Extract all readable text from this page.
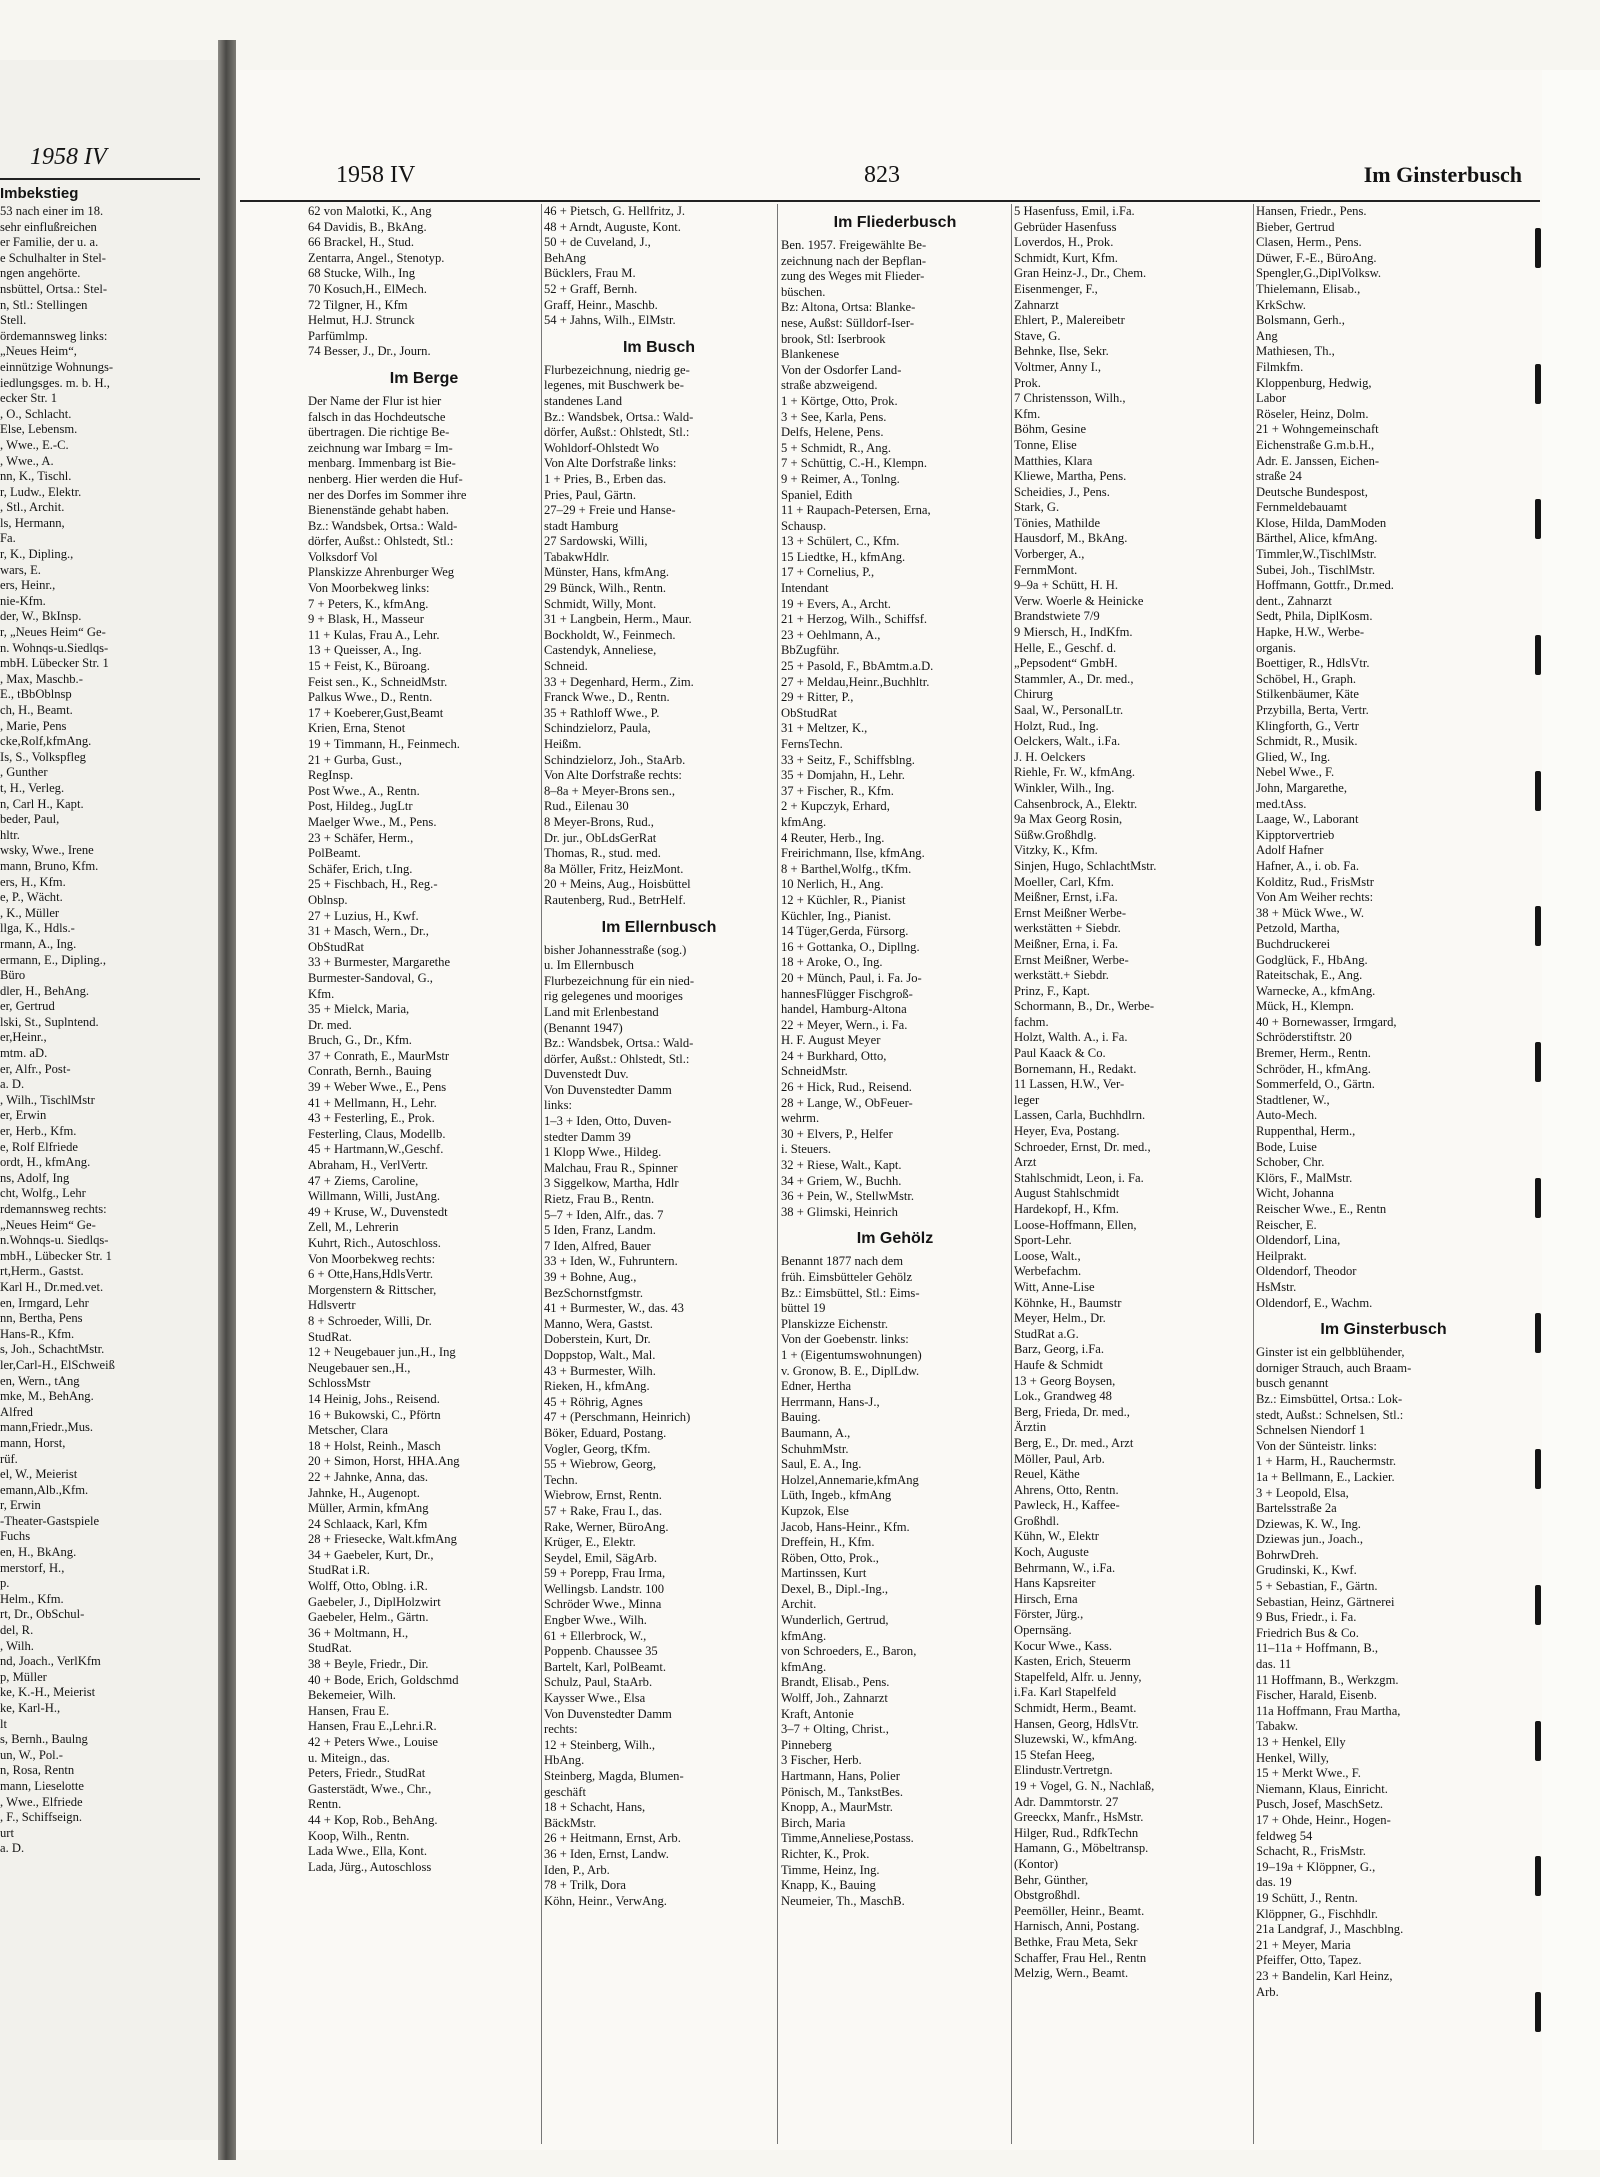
1958 IV
Imbekstieg
53 nach einer im 18.
sehr einflußreichen
er Familie, der u. a.
e Schulhalter in Stel-
ngen angehörte.
nsbüttel, Ortsa.: Stel-
n, Stl.: Stellingen
Stell.
ördemannsweg links:
„Neues Heim“,
einnützige Wohnungs-
iedlungsges. m. b. H.,
ecker Str. 1
, O., Schlacht.
Else, Lebensm.
, Wwe., E.-C.
, Wwe., A.
nn, K., Tischl.
r, Ludw., Elektr.
, Stl., Archit.
ls, Hermann,
Fa.
r, K., Dipling.,
wars, E.
ers, Heinr.,
nie-Kfm.
der, W., BkInsp.
r, „Neues Heim“ Ge-
n. Wohnqs-u.Siedlqs-
mbH. Lübecker Str. 1
, Max, Maschb.-
E., tBbOblnsp
ch, H., Beamt.
, Marie, Pens
cke,Rolf,kfmAng.
Is, S., Volkspfleg
, Gunther
t, H., Verleg.
n, Carl H., Kapt.
beder, Paul,
hltr.
wsky, Wwe., Irene
mann, Bruno, Kfm.
ers, H., Kfm.
e, P., Wächt.
, K., Müller
llga, K., Hdls.-
rmann, A., Ing.
ermann, E., Dipling.,
Büro
dler, H., BehAng.
er, Gertrud
lski, St., Suplntend.
er,Heinr.,
mtm. aD.
er, Alfr., Post-
a. D.
, Wilh., TischlMstr
er, Erwin
er, Herb., Kfm.
e, Rolf Elfriede
ordt, H., kfmAng.
ns, Adolf, Ing
cht, Wolfg., Lehr
rdemannsweg rechts:
„Neues Heim“ Ge-
n.Wohnqs-u. Siedlqs-
mbH., Lübecker Str. 1
rt,Herm., Gastst.
Karl H., Dr.med.vet.
en, Irmgard, Lehr
nn, Bertha, Pens
Hans-R., Kfm.
s, Joh., SchachtMstr.
ler,Carl-H., ElSchweiß
en, Wern., tAng
mke, M., BehAng.
Alfred
mann,Friedr.,Mus.
mann, Horst,
rüf.
el, W., Meierist
emann,Alb.,Kfm.
r, Erwin
-Theater-Gastspiele
Fuchs
en, H., BkAng.
merstorf, H.,
p.
Helm., Kfm.
rt, Dr., ObSchul-
del, R.
, Wilh.
nd, Joach., VerlKfm
p, Müller
ke, K.-H., Meierist
ke, Karl-H.,
lt
s, Bernh., Baulng
un, W., Pol.-
n, Rosa, Rentn
mann, Lieselotte
, Wwe., Elfriede
, F., Schiffseign.
urt
a. D.
1958 IV	823	Im Ginsterbusch
62 von Malotki, K., Ang
64 Davidis, B., BkAng.
66 Brackel, H., Stud.
Zentarra, Angel., Stenotyp.
68 Stucke, Wilh., Ing
70 Kosuch,H., ElMech.
72 Tilgner, H., Kfm
Helmut, H.J. Strunck
Parfümlmp.
74 Besser, J., Dr., Journ.
Im Berge
Der Name der Flur ist hier
falsch in das Hochdeutsche
übertragen. Die richtige Be-
zeichnung war Imbarg = Im-
menbarg. Immenbarg ist Bie-
nenberg. Hier werden die Huf-
ner des Dorfes im Sommer ihre
Bienenstände gehabt haben.
Bz.: Wandsbek, Ortsa.: Wald-
dörfer, Außst.: Ohlstedt, Stl.:
Volksdorf Vol
Planskizze Ahrenburger Weg
Von Moorbekweg links:
7 + Peters, K., kfmAng.
9 + Blask, H., Masseur
11 + Kulas, Frau A., Lehr.
13 + Queisser, A., Ing.
15 + Feist, K., Büroang.
Feist sen., K., SchneidMstr.
Palkus Wwe., D., Rentn.
17 + Koeberer,Gust,Beamt
Krien, Erna, Stenot
19 + Timmann, H., Feinmech.
21 + Gurba, Gust.,
RegInsp.
Post Wwe., A., Rentn.
Post, Hildeg., JugLtr
Maelger Wwe., M., Pens.
23 + Schäfer, Herm.,
PolBeamt.
Schäfer, Erich, t.Ing.
25 + Fischbach, H., Reg.-
Oblnsp.
27 + Luzius, H., Kwf.
31 + Masch, Wern., Dr.,
ObStudRat
33 + Burmester, Margarethe
Burmester-Sandoval, G.,
Kfm.
35 + Mielck, Maria,
Dr. med.
Bruch, G., Dr., Kfm.
37 + Conrath, E., MaurMstr
Conrath, Bernh., Bauing
39 + Weber Wwe., E., Pens
41 + Mellmann, H., Lehr.
43 + Festerling, E., Prok.
Festerling, Claus, Modellb.
45 + Hartmann,W.,Geschf.
Abraham, H., VerlVertr.
47 + Ziems, Caroline,
Willmann, Willi, JustAng.
49 + Kruse, W., Duvenstedt
Zell, M., Lehrerin
Kuhrt, Rich., Autoschloss.
Von Moorbekweg rechts:
6 + Otte,Hans,HdlsVertr.
Morgenstern & Rittscher,
Hdlsvertr
8 + Schroeder, Willi, Dr.
StudRat.
12 + Neugebauer jun.,H., Ing
Neugebauer sen.,H.,
SchlossMstr
14 Heinig, Johs., Reisend.
16 + Bukowski, C., Pförtn
Metscher, Clara
18 + Holst, Reinh., Masch
20 + Simon, Horst, HHA.Ang
22 + Jahnke, Anna, das.
Jahnke, H., Augenopt.
Müller, Armin, kfmAng
24 Schlaack, Karl, Kfm
28 + Friesecke, Walt.kfmAng
34 + Gaebeler, Kurt, Dr.,
StudRat i.R.
Wolff, Otto, Oblng. i.R.
Gaebeler, J., DiplHolzwirt
Gaebeler, Helm., Gärtn.
36 + Moltmann, H.,
StudRat.
38 + Beyle, Friedr., Dir.
40 + Bode, Erich, Goldschmd
Bekemeier, Wilh.
Hansen, Frau E.
Hansen, Frau E.,Lehr.i.R.
42 + Peters Wwe., Louise
u. Miteign., das.
Peters, Friedr., StudRat
Gasterstädt, Wwe., Chr.,
Rentn.
44 + Kop, Rob., BehAng.
Koop, Wilh., Rentn.
Lada Wwe., Ella, Kont.
Lada, Jürg., Autoschloss
46 + Pietsch, G. Hellfritz, J.
48 + Arndt, Auguste, Kont.
50 + de Cuveland, J.,
BehAng
Bücklers, Frau M.
52 + Graff, Bernh.
Graff, Heinr., Maschb.
54 + Jahns, Wilh., ElMstr.
Im Busch
Flurbezeichnung, niedrig ge-
legenes, mit Buschwerk be-
standenes Land
Bz.: Wandsbek, Ortsa.: Wald-
dörfer, Außst.: Ohlstedt, Stl.:
Wohldorf-Ohlstedt Wo
Von Alte Dorfstraße links:
1 + Pries, B., Erben das.
Pries, Paul, Gärtn.
27–29 + Freie und Hanse-
stadt Hamburg
27 Sardowski, Willi,
TabakwHdlr.
Münster, Hans, kfmAng.
29 Bünck, Wilh., Rentn.
Schmidt, Willy, Mont.
31 + Langbein, Herm., Maur.
Bockholdt, W., Feinmech.
Castendyk, Anneliese,
Schneid.
33 + Degenhard, Herm., Zim.
Franck Wwe., D., Rentn.
35 + Rathloff Wwe., P.
Schindzielorz, Paula,
Heißm.
Schindzielorz, Joh., StaArb.
Von Alte Dorfstraße rechts:
8–8a + Meyer-Brons sen.,
Rud., Eilenau 30
8 Meyer-Brons, Rud.,
Dr. jur., ObLdsGerRat
Thomas, R., stud. med.
8a Möller, Fritz, HeizMont.
20 + Meins, Aug., Hoisbüttel
Rautenberg, Rud., BetrHelf.
Im Ellernbusch
bisher Johannesstraße (sog.)
u. Im Ellernbusch
Flurbezeichnung für ein nied-
rig gelegenes und mooriges
Land mit Erlenbestand
(Benannt 1947)
Bz.: Wandsbek, Ortsa.: Wald-
dörfer, Außst.: Ohlstedt, Stl.:
Duvenstedt Duv.
Von Duvenstedter Damm
links:
1–3 + Iden, Otto, Duven-
stedter Damm 39
1 Klopp Wwe., Hildeg.
Malchau, Frau R., Spinner
3 Siggelkow, Martha, Hdlr
Rietz, Frau B., Rentn.
5–7 + Iden, Alfr., das. 7
5 Iden, Franz, Landm.
7 Iden, Alfred, Bauer
33 + Iden, W., Fuhruntern.
39 + Bohne, Aug.,
BezSchornstfgmstr.
41 + Burmester, W., das. 43
Manno, Wera, Gastst.
Doberstein, Kurt, Dr.
Doppstop, Walt., Mal.
43 + Burmester, Wilh.
Rieken, H., kfmAng.
45 + Röhrig, Agnes
47 + (Perschmann, Heinrich)
Böker, Eduard, Postang.
Vogler, Georg, tKfm.
55 + Wiebrow, Georg,
Techn.
Wiebrow, Ernst, Rentn.
57 + Rake, Frau I., das.
Rake, Werner, BüroAng.
Krüger, E., Elektr.
Seydel, Emil, SägArb.
59 + Porepp, Frau Irma,
Wellingsb. Landstr. 100
Schröder Wwe., Minna
Engber Wwe., Wilh.
61 + Ellerbrock, W.,
Poppenb. Chaussee 35
Bartelt, Karl, PolBeamt.
Schulz, Paul, StaArb.
Kaysser Wwe., Elsa
Von Duvenstedter Damm
rechts:
12 + Steinberg, Wilh.,
HbAng.
Steinberg, Magda, Blumen-
geschäft
18 + Schacht, Hans,
BäckMstr.
26 + Heitmann, Ernst, Arb.
36 + Iden, Ernst, Landw.
Iden, P., Arb.
78 + Trilk, Dora
Köhn, Heinr., VerwAng.
Im Fliederbusch
Ben. 1957. Freigewählte Be-
zeichnung nach der Bepflan-
zung des Weges mit Flieder-
büschen.
Bz: Altona, Ortsa: Blanke-
nese, Außst: Sülldorf-Iser-
brook, Stl: Iserbrook
Blankenese
Von der Osdorfer Land-
straße abzweigend.
1 + Körtge, Otto, Prok.
3 + See, Karla, Pens.
Delfs, Helene, Pens.
5 + Schmidt, R., Ang.
7 + Schüttig, C.-H., Klempn.
9 + Reimer, A., Tonlng.
Spaniel, Edith
11 + Raupach-Petersen, Erna,
Schausp.
13 + Schülert, C., Kfm.
15 Liedtke, H., kfmAng.
17 + Cornelius, P.,
Intendant
19 + Evers, A., Archt.
21 + Herzog, Wilh., Schiffsf.
23 + Oehlmann, A.,
BbZugführ.
25 + Pasold, F., BbAmtm.a.D.
27 + Meldau,Heinr.,Buchhltr.
29 + Ritter, P.,
ObStudRat
31 + Meltzer, K.,
FernsTechn.
33 + Seitz, F., Schiffsblng.
35 + Domjahn, H., Lehr.
37 + Fischer, R., Kfm.
2 + Kupczyk, Erhard,
kfmAng.
4 Reuter, Herb., Ing.
Freirichmann, Ilse, kfmAng.
8 + Barthel,Wolfg., tKfm.
10 Nerlich, H., Ang.
12 + Küchler, R., Pianist
Küchler, Ing., Pianist.
14 Tüger,Gerda, Fürsorg.
16 + Gottanka, O., Dipllng.
18 + Aroke, O., Ing.
20 + Münch, Paul, i. Fa. Jo-
hannesFlügger Fischgroß-
handel, Hamburg-Altona
22 + Meyer, Wern., i. Fa.
H. F. August Meyer
24 + Burkhard, Otto,
SchneidMstr.
26 + Hick, Rud., Reisend.
28 + Lange, W., ObFeuer-
wehrm.
30 + Elvers, P., Helfer
i. Steuers.
32 + Riese, Walt., Kapt.
34 + Griem, W., Buchh.
36 + Pein, W., StellwMstr.
38 + Glimski, Heinrich
Im Gehölz
Benannt 1877 nach dem
früh. Eimsbütteler Gehölz
Bz.: Eimsbüttel, Stl.: Eims-
büttel 19
Planskizze Eichenstr.
Von der Goebenstr. links:
1 + (Eigentumswohnungen)
v. Gronow, B. E., DiplLdw.
Edner, Hertha
Herrmann, Hans-J.,
Bauing.
Baumann, A.,
SchuhmMstr.
Saul, E. A., Ing.
Holzel,Annemarie,kfmAng
Lüth, Ingeb., kfmAng
Kupzok, Else
Jacob, Hans-Heinr., Kfm.
Dreffein, H., Kfm.
Röben, Otto, Prok.,
Martinssen, Kurt
Dexel, B., Dipl.-Ing.,
Archit.
Wunderlich, Gertrud,
kfmAng.
von Schroeders, E., Baron,
kfmAng.
Brandt, Elisab., Pens.
Wolff, Joh., Zahnarzt
Kraft, Antonie
3–7 + Olting, Christ.,
Pinneberg
3 Fischer, Herb.
Hartmann, Hans, Polier
Pönisch, M., TankstBes.
Knopp, A., MaurMstr.
Birch, Maria
Timme,Anneliese,Postass.
Richter, K., Prok.
Timme, Heinz, Ing.
Knapp, K., Bauing
Neumeier, Th., MaschB.
5 Hasenfuss, Emil, i.Fa.
Gebrüder Hasenfuss
Loverdos, H., Prok.
Schmidt, Kurt, Kfm.
Gran Heinz-J., Dr., Chem.
Eisenmenger, F.,
Zahnarzt
Ehlert, P., Malereibetr
Stave, G.
Behnke, Ilse, Sekr.
Voltmer, Anny I.,
Prok.
7 Christensson, Wilh.,
Kfm.
Böhm, Gesine
Tonne, Elise
Matthies, Klara
Kliewe, Martha, Pens.
Scheidies, J., Pens.
Stark, G.
Tönies, Mathilde
Hausdorf, M., BkAng.
Vorberger, A.,
FernmMont.
9–9a + Schütt, H. H.
Verw. Woerle & Heinicke
Brandstwiete 7/9
9 Miersch, H., IndKfm.
Helle, E., Geschf. d.
„Pepsodent“ GmbH.
Stammler, A., Dr. med.,
Chirurg
Saal, W., PersonalLtr.
Holzt, Rud., Ing.
Oelckers, Walt., i.Fa.
J. H. Oelckers
Riehle, Fr. W., kfmAng.
Winkler, Wilh., Ing.
Cahsenbrock, A., Elektr.
9a Max Georg Rosin,
Süßw.Großhdlg.
Vitzky, K., Kfm.
Sinjen, Hugo, SchlachtMstr.
Moeller, Carl, Kfm.
Meißner, Ernst, i.Fa.
Ernst Meißner Werbe-
werkstätten + Siebdr.
Meißner, Erna, i. Fa.
Ernst Meißner, Werbe-
werkstätt.+ Siebdr.
Prinz, F., Kapt.
Schormann, B., Dr., Werbe-
fachm.
Holzt, Walth. A., i. Fa.
Paul Kaack & Co.
Bornemann, H., Redakt.
11 Lassen, H.W., Ver-
leger
Lassen, Carla, Buchhdlrn.
Heyer, Eva, Postang.
Schroeder, Ernst, Dr. med.,
Arzt
Stahlschmidt, Leon, i. Fa.
August Stahlschmidt
Hardekopf, H., Kfm.
Loose-Hoffmann, Ellen,
Sport-Lehr.
Loose, Walt.,
Werbefachm.
Witt, Anne-Lise
Köhnke, H., Baumstr
Meyer, Helm., Dr.
StudRat a.G.
Barz, Georg, i.Fa.
Haufe & Schmidt
13 + Georg Boysen,
Lok., Grandweg 48
Berg, Frieda, Dr. med.,
Ärztin
Berg, E., Dr. med., Arzt
Möller, Paul, Arb.
Reuel, Käthe
Ahrens, Otto, Rentn.
Pawleck, H., Kaffee-
Großhdl.
Kühn, W., Elektr
Koch, Auguste
Behrmann, W., i.Fa.
Hans Kapsreiter
Hirsch, Erna
Förster, Jürg.,
Opernsäng.
Kocur Wwe., Kass.
Kasten, Erich, Steuerm
Stapelfeld, Alfr. u. Jenny,
i.Fa. Karl Stapelfeld
Schmidt, Herm., Beamt.
Hansen, Georg, HdlsVtr.
Sluzewski, W., kfmAng.
15 Stefan Heeg,
Elindustr.Vertretgn.
19 + Vogel, G. N., Nachlaß,
Adr. Dammtorstr. 27
Greeckx, Manfr., HsMstr.
Hilger, Rud., RdfkTechn
Hamann, G., Möbeltransp.
(Kontor)
Behr, Günther,
Obstgroßhdl.
Peemöller, Heinr., Beamt.
Harnisch, Anni, Postang.
Bethke, Frau Meta, Sekr
Schaffer, Frau Hel., Rentn
Melzig, Wern., Beamt.
Hansen, Friedr., Pens.
Bieber, Gertrud
Clasen, Herm., Pens.
Düwer, F.-E., BüroAng.
Spengler,G.,DiplVolksw.
Thielemann, Elisab.,
KrkSchw.
Bolsmann, Gerh.,
Ang
Mathiesen, Th.,
Filmkfm.
Kloppenburg, Hedwig,
Labor
Röseler, Heinz, Dolm.
21 + Wohngemeinschaft
Eichenstraße G.m.b.H.,
Adr. E. Janssen, Eichen-
straße 24
Deutsche Bundespost,
Fernmeldebauamt
Klose, Hilda, DamModen
Bärthel, Alice, kfmAng.
Timmler,W.,TischlMstr.
Subei, Joh., TischlMstr.
Hoffmann, Gottfr., Dr.med.
dent., Zahnarzt
Sedt, Phila, DiplKosm.
Hapke, H.W., Werbe-
organis.
Boettiger, R., HdlsVtr.
Schöbel, H., Graph.
Stilkenbäumer, Käte
Przybilla, Berta, Vertr.
Klingforth, G., Vertr
Schmidt, R., Musik.
Glied, W., Ing.
Nebel Wwe., F.
John, Margarethe,
med.tAss.
Laage, W., Laborant
Kipptorvertrieb
Adolf Hafner
Hafner, A., i. ob. Fa.
Kolditz, Rud., FrisMstr
Von Am Weiher rechts:
38 + Mück Wwe., W.
Petzold, Martha,
Buchdruckerei
Godglück, F., HbAng.
Rateitschak, E., Ang.
Warnecke, A., kfmAng.
Mück, H., Klempn.
40 + Bornewasser, Irmgard,
Schröderstiftstr. 20
Bremer, Herm., Rentn.
Schröder, H., kfmAng.
Sommerfeld, O., Gärtn.
Stadtlener, W.,
Auto-Mech.
Ruppenthal, Herm.,
Bode, Luise
Schober, Chr.
Klörs, F., MalMstr.
Wicht, Johanna
Reischer Wwe., E., Rentn
Reischer, E.
Oldendorf, Lina,
Heilprakt.
Oldendorf, Theodor
HsMstr.
Oldendorf, E., Wachm.
Im Ginsterbusch
Ginster ist ein gelbblühender,
dorniger Strauch, auch Braam-
busch genannt
Bz.: Eimsbüttel, Ortsa.: Lok-
stedt, Außst.: Schnelsen, Stl.:
Schnelsen Niendorf 1
Von der Sünteistr. links:
1 + Harm, H., Rauchermstr.
1a + Bellmann, E., Lackier.
3 + Leopold, Elsa,
Bartelsstraße 2a
Dziewas, K. W., Ing.
Dziewas jun., Joach.,
BohrwDreh.
Grudinski, K., Kwf.
5 + Sebastian, F., Gärtn.
Sebastian, Heinz, Gärtnerei
9 Bus, Friedr., i. Fa.
Friedrich Bus & Co.
11–11a + Hoffmann, B.,
das. 11
11 Hoffmann, B., Werkzgm.
Fischer, Harald, Eisenb.
11a Hoffmann, Frau Martha,
Tabakw.
13 + Henkel, Elly
Henkel, Willy,
15 + Merkt Wwe., F.
Niemann, Klaus, Einricht.
Pusch, Josef, MaschSetz.
17 + Ohde, Heinr., Hogen-
feldweg 54
Schacht, R., FrisMstr.
19–19a + Klöppner, G.,
das. 19
19 Schütt, J., Rentn.
Klöppner, G., Fischhdlr.
21a Landgraf, J., Maschblng.
21 + Meyer, Maria
Pfeiffer, Otto, Tapez.
23 + Bandelin, Karl Heinz,
Arb.
